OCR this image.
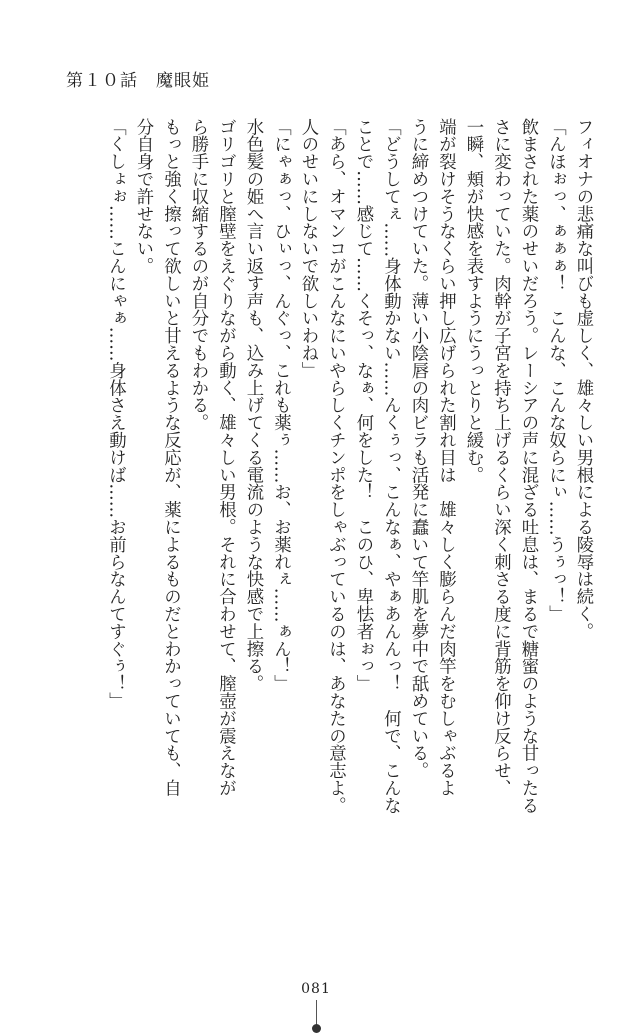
第１０話　魔眼姫

フィオナの悲痛な叫びも虚しく、雄々しい男根による陵辱は続く。

「んほぉっ、ぁぁぁ！　こんな、こんな奴らにぃ……うぅっ！」

飲まされた薬のせいだろう。レーシアの声に混ざる吐息は、まるで糖蜜のような甘ったる

さに変わっていた。肉幹が子宮を持ち上げるくらい深く刺さる度に背筋を仰け反らせ、

一瞬、頬が快感を表すようにうっとりと緩む。

端が裂けそうなくらい押し広げられた割れ目は　雄々しく膨らんだ肉竿をむしゃぶるよ

うに締めつけていた。薄い小陰唇の肉ビラも活発に蠢いて竿肌を夢中で舐めている。

「どうしてぇ……身体動かない……んくぅっ、こんなぁ、やぁあんんっ！　何で、こんな

ことで……感じて……くそっ、なぁ、何をした！　このひ、卑怯者ぉっ」

「あら、オマンコがこんなにいやらしくチンポをしゃぶっているのは、あなたの意志よ。

人のせいにしないで欲しいわね」

「にゃぁっ、ひぃっ、んぐっ、これも薬ぅ……お、お薬れぇ……ぁん！」

水色髪の姫へ言い返す声も、込み上げてくる電流のような快感で上擦る。

ゴリゴリと膣壁をえぐりながら動く、雄々しい男根。それに合わせて、膣壺が震えなが

ら勝手に収縮するのが自分でもわかる。

もっと強く擦って欲しいと甘えるような反応が、薬によるものだとわかっていても、自

分自身で許せない。

「くしょぉ……こんにゃぁ……身体さえ動けば……お前らなんてすぐぅ！」

081
